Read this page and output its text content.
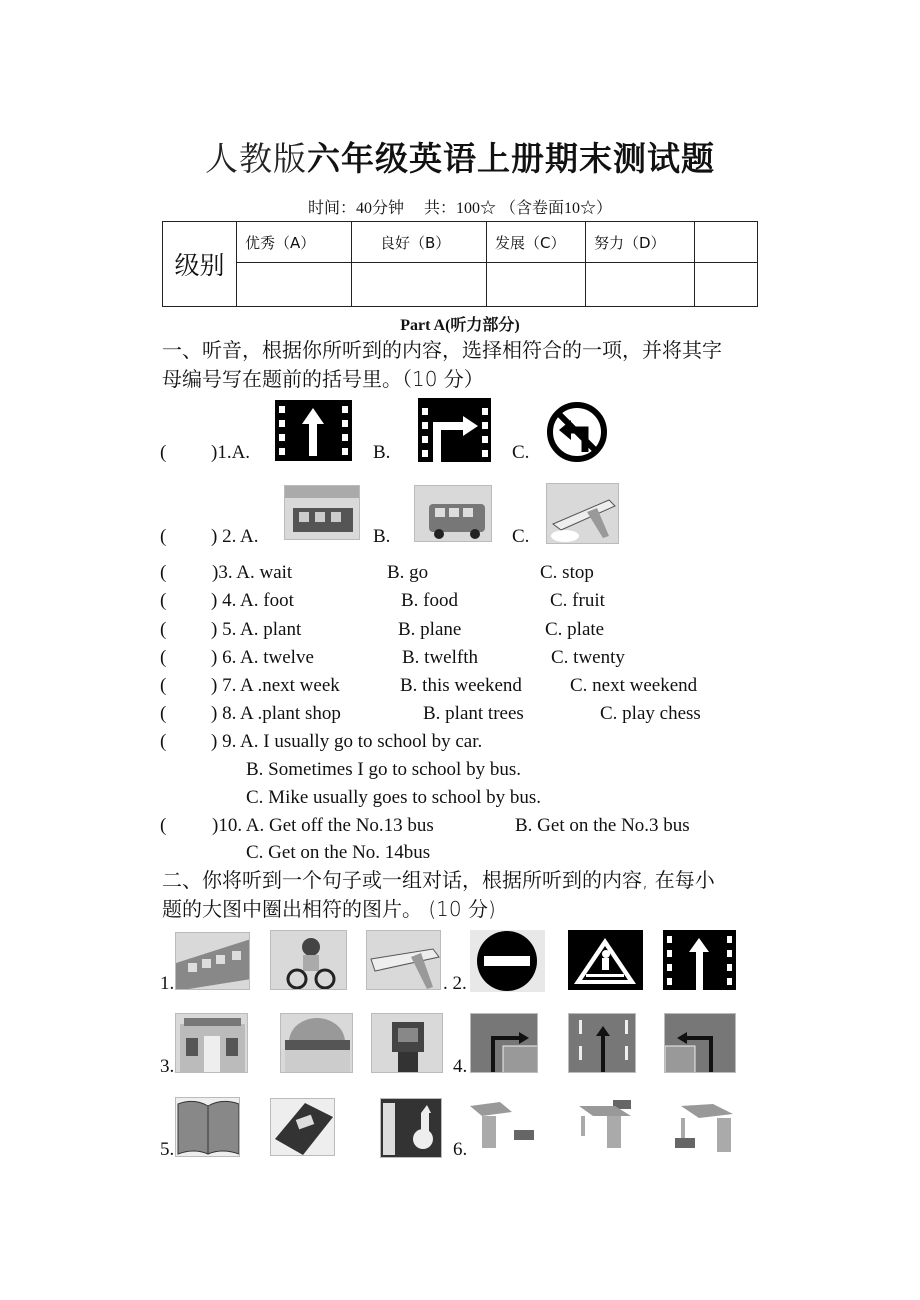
人教版六年级英语上册期末测试题
时间：40分钟　 共：100☆ （含卷面10☆）
级别	优秀（A）	良好（B）	发展（C）	努力（D）	

Part A(听力部分)
一、听音，根据你所听到的内容，选择相符合的一项，并将其字
母编号写在题前的括号里。（10 分）
( )1.A.	B.	C.
( ) 2. A.	B.	C.
( )3. A. wait	B. go	C. stop
( ) 4. A. foot	B. food	C. fruit
( ) 5. A. plant	B. plane	C. plate
( ) 6. A. twelve	B. twelfth	C. twenty
( ) 7. A .next week	B. this weekend	C. next weekend
( ) 8. A .plant shop	B. plant trees	C. play chess
( ) 9. A. I usually go to school by car.
B. Sometimes I go to school by bus.
C. Mike usually goes to school by bus.
( )10. A. Get off the No.13 bus	B. Get on the No.3 bus
C. Get on the No. 14bus
二、你将听到一个句子或一组对话，根据所听到的内容, 在每小
题的大图中圈出相符的图片。 (10 分)
1.	. 2.
3.	4.
5.	6.
